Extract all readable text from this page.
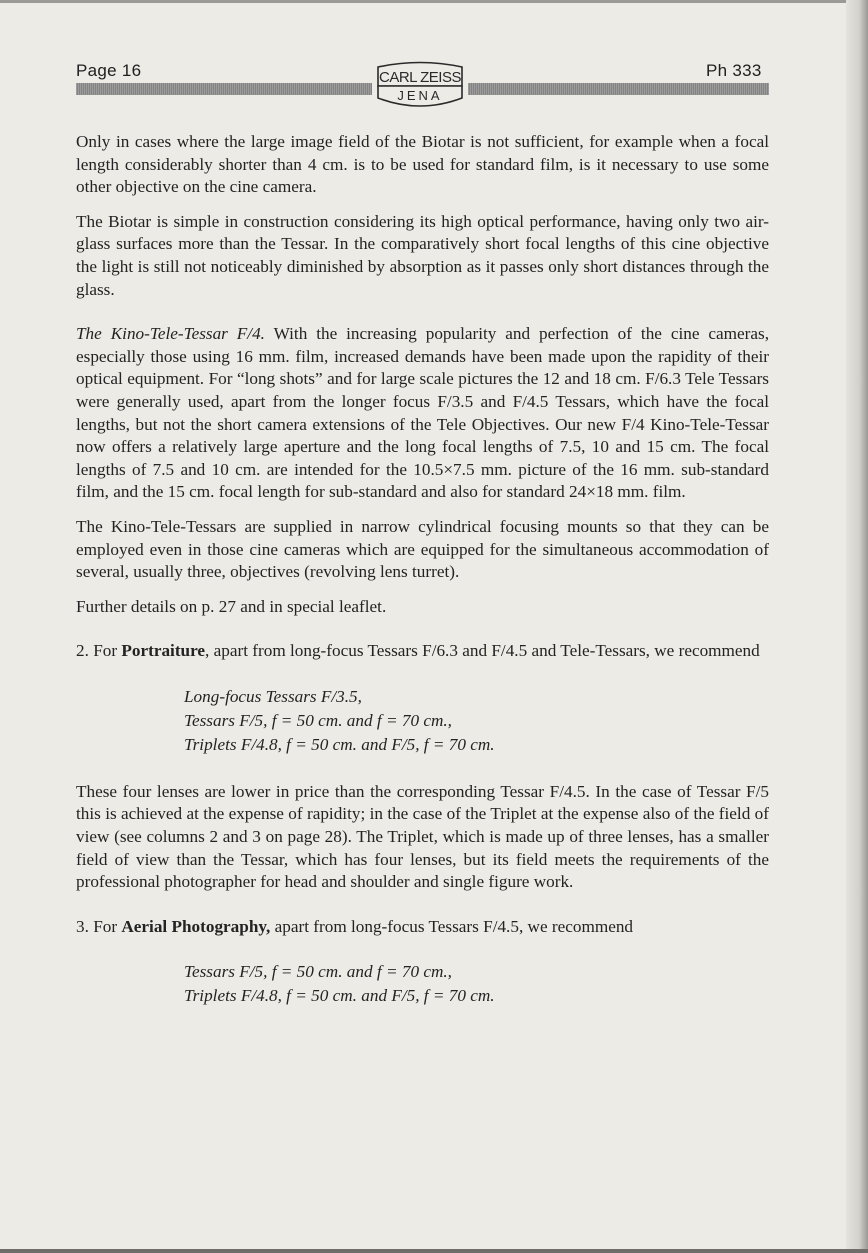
Page 16	Ph 333
CARL ZEISS
JENA

Only in cases where the large image field of the Biotar is not sufficient, for example when a focal length considerably shorter than 4 cm. is to be used for standard film, is it necessary to use some other objective on the cine camera.

The Biotar is simple in construction considering its high optical performance, having only two air-glass surfaces more than the Tessar. In the comparatively short focal lengths of this cine objective the light is still not noticeably diminished by absorption as it passes only short distances through the glass.

The Kino-Tele-Tessar F/4. With the increasing popularity and perfection of the cine cameras, especially those using 16 mm. film, increased demands have been made upon the rapidity of their optical equipment. For “long shots” and for large scale pictures the 12 and 18 cm. F/6.3 Tele Tessars were generally used, apart from the longer focus F/3.5 and F/4.5 Tessars, which have the focal lengths, but not the short camera extensions of the Tele Objectives. Our new F/4 Kino-Tele-Tessar now offers a relatively large aperture and the long focal lengths of 7.5, 10 and 15 cm. The focal lengths of 7.5 and 10 cm. are intended for the 10.5×7.5 mm. picture of the 16 mm. sub-standard film, and the 15 cm. focal length for sub-standard and also for standard 24×18 mm. film.

The Kino-Tele-Tessars are supplied in narrow cylindrical focusing mounts so that they can be employed even in those cine cameras which are equipped for the simultaneous accommodation of several, usually three, objectives (revolving lens turret).

Further details on p. 27 and in special leaflet.

2. For Portraiture, apart from long-focus Tessars F/6.3 and F/4.5 and Tele-Tessars, we recommend

Long-focus Tessars F/3.5,
Tessars F/5, f = 50 cm. and f = 70 cm.,
Triplets F/4.8, f = 50 cm. and F/5, f = 70 cm.

These four lenses are lower in price than the corresponding Tessar F/4.5. In the case of Tessar F/5 this is achieved at the expense of rapidity; in the case of the Triplet at the expense also of the field of view (see columns 2 and 3 on page 28). The Triplet, which is made up of three lenses, has a smaller field of view than the Tessar, which has four lenses, but its field meets the requirements of the professional photographer for head and shoulder and single figure work.

3. For Aerial Photography, apart from long-focus Tessars F/4.5, we recommend

Tessars F/5, f = 50 cm. and f = 70 cm.,
Triplets F/4.8, f = 50 cm. and F/5, f = 70 cm.
